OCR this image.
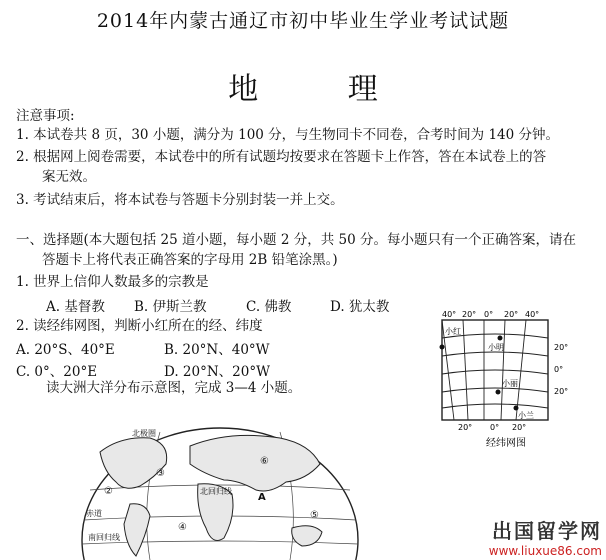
2014年内蒙古通辽市初中毕业生学业考试试题
地 理
注意事项:
1. 本试卷共 8 页，30 小题，满分为 100 分，与生物同卡不同卷，合考时间为 140 分钟。
2. 根据网上阅卷需要，本试卷中的所有试题均按要求在答题卡上作答，答在本试卷上的答
案无效。
3. 考试结束后，将本试卷与答题卡分别封装一并上交。
一、选择题(本大题包括 25 道小题，每小题 2 分，共 50 分。每小题只有一个正确答案，请在
答题卡上将代表正确答案的字母用 2B 铅笔涂黑。)
1. 世界上信仰人数最多的宗教是
A. 基督教 B. 伊斯兰教	C. 佛教	D. 犹太教
2. 读经纬网图，判断小红所在的经、纬度
A. 20°S、40°E	B. 20°N、40°W
C. 0°、20°E	D. 20°N、20°W
读大洲大洋分布示意图，完成 3—4 小题。
40° 20° 0° 20° 40°
20°
0°
20°
20° 0° 20°
小红
小明
小丽
小兰
经纬网图
北极圈
赤道
南回归线
北回归线
A
②
③
④
⑤
⑥
出国留学网
www.liuxue86.com
